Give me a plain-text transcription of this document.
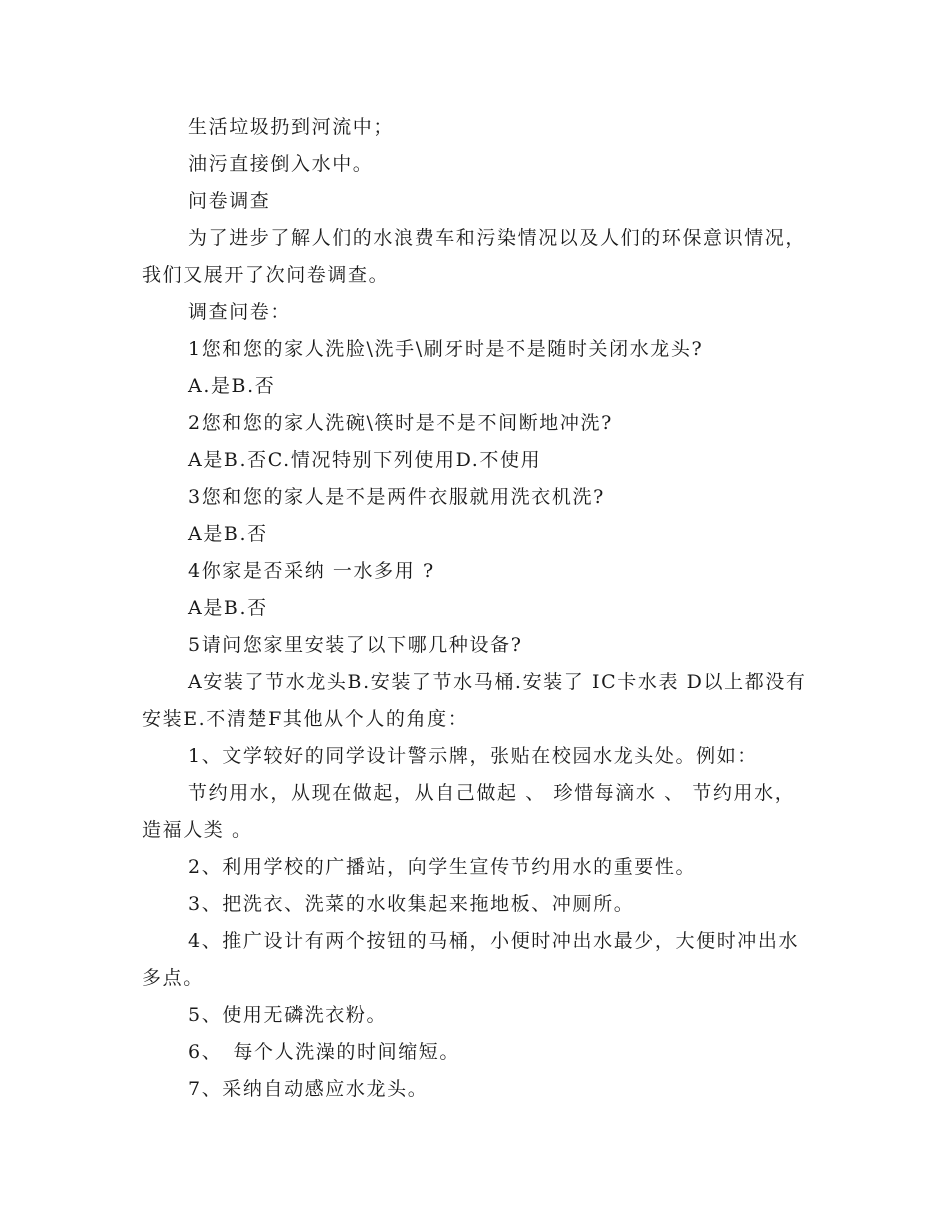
生活垃圾扔到河流中；

油污直接倒入水中。

问卷调查

为了进步了解人们的水浪费车和污染情况以及人们的环保意识情况，我们又展开了次问卷调查。

调查问卷：

1您和您的家人洗脸\洗手\刷牙时是不是随时关闭水龙头?

A.是B.否

2您和您的家人洗碗\筷时是不是不间断地冲洗?

A是B.否C.情况特别下列使用D.不使用

3您和您的家人是不是两件衣服就用洗衣机洗?

A是B.否

4你家是否采纳 一水多用 ?

A是B.否

5请问您家里安装了以下哪几种设备?

A安装了节水龙头B.安装了节水马桶.安装了 IC卡水表 D以上都没有安装E.不清楚F其他从个人的角度：

1、文学较好的同学设计警示牌，张贴在校园水龙头处。例如：

节约用水，从现在做起，从自己做起 、 珍惜每滴水 、 节约用水，造福人类 。

2、利用学校的广播站，向学生宣传节约用水的重要性。

3、把洗衣、洗菜的水收集起来拖地板、冲厕所。

4、推广设计有两个按钮的马桶，小便时冲出水最少，大便时冲出水多点。

5、使用无磷洗衣粉。

6、　每个人洗澡的时间缩短。

7、采纳自动感应水龙头。
